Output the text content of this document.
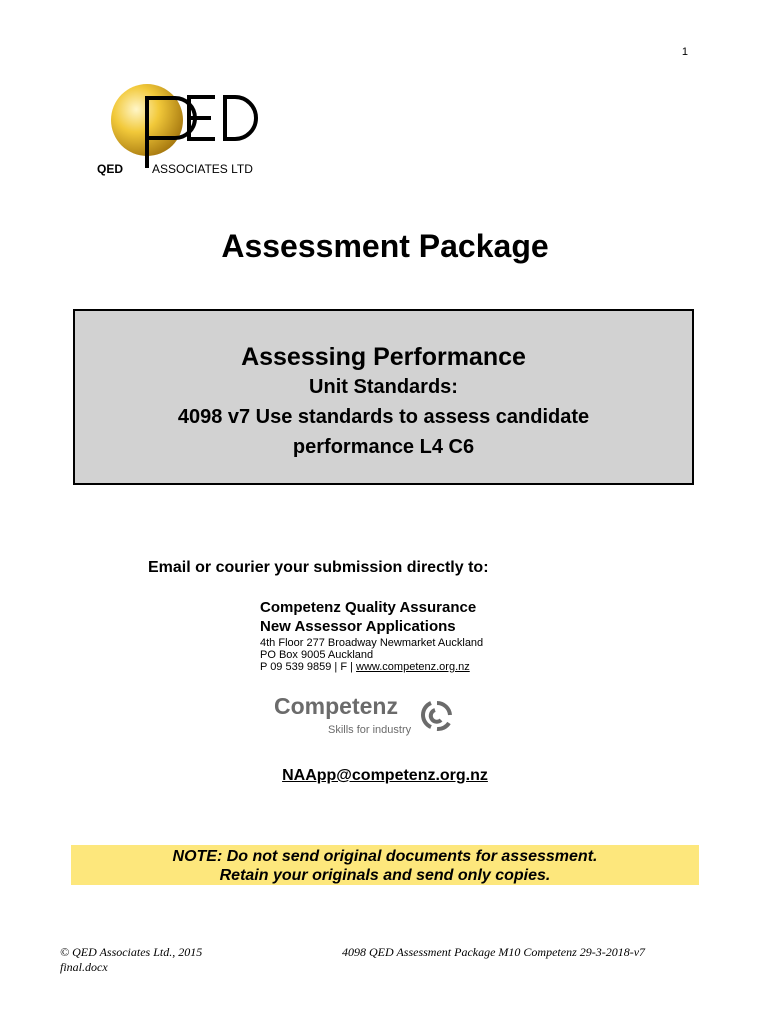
1
QED ASSOCIATES LTD
Assessment Package
Assessing Performance
Unit Standards:
4098 v7 Use standards to assess candidate
performance L4 C6
Email or courier your submission directly to:
Competenz Quality Assurance
New Assessor Applications
4th Floor 277 Broadway Newmarket Auckland
PO Box 9005 Auckland
P 09 539 9859 | F | www.competenz.org.nz
Competenz
Skills for industry
NAApp@competenz.org.nz
NOTE: Do not send original documents for assessment.
Retain your originals and send only copies.
© QED Associates Ltd., 2015
final.docx
4098 QED Assessment Package M10 Competenz 29-3-2018-v7
